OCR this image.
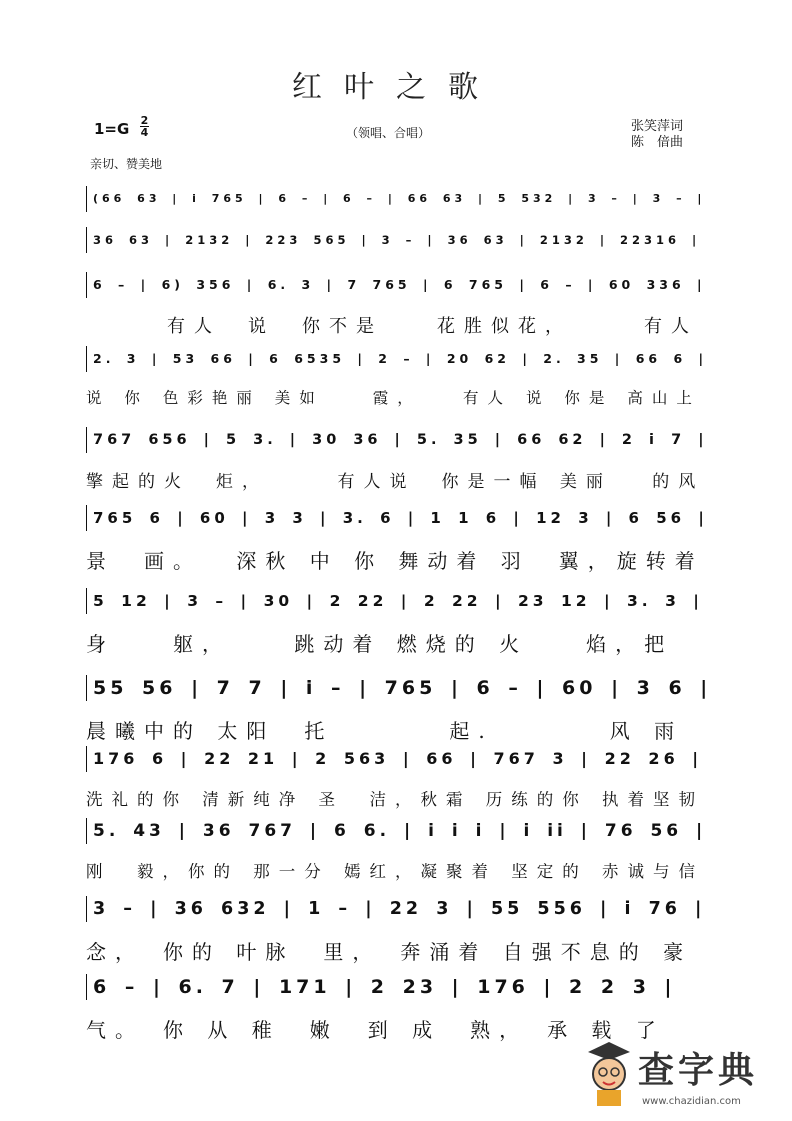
红叶之歌
1=G 2
4	（领唱、合唱）	张笑萍词
陈　偣曲
亲切、赞美地
(66 63 | i 765 | 6 – | 6 – | 66 63 | 5 532 | 3 – | 3 – |
36 63 | 2132 | 223 565 | 3 – | 36 63 | 2132 | 22316 |
6 – | 6) 356 | 6. 3 | 7 765 | 6 765 | 6 – | 60 336 |
　　　有人　说　你不是　　花胜似花，　　　有人
2. 3 | 53 66 | 6 6535 | 2 – | 20 62 | 2. 35 | 66 6 |
说 你 色彩艳丽 美如　　霞，　　有人 说 你是 高山上
767 656 | 5 3. | 30 36 | 5. 35 | 66 62 | 2 i 7 |
擎起的火　炬，　　　有人说　你是一幅 美丽　 的风
765 6 | 60 | 3 3 | 3. 6 | 1 1 6 | 12 3 | 6 56 |
景　画。　 深秋 中 你 舞动着 羽　翼，旋转着
5 12 | 3 – | 30 | 2 22 | 2 22 | 23 12 | 3. 3 |
身　　躯，　　 跳动着 燃烧的 火　　焰，把
55 56 | 7 7 | i – | 765 | 6 – | 60 | 3 6 |
晨曦中的 太阳　托　　　　起.　　　　风 雨
176 6 | 22 21 | 2 563 | 66 | 767 3 | 22 26 |
洗礼的你 清新纯净 圣　洁，秋霜 历练的你 执着坚韧
5. 43 | 36 767 | 6 6. | i i i | i ii | 76 56 |
刚　毅，你的 那一分 嫣红，凝聚着 坚定的 赤诚与信
3 – | 36 632 | 1 – | 22 3 | 55 556 | i 76 |
念，　你的 叶脉　里，　奔涌着 自强不息的 豪
6 – | 6. 7 | 171 | 2 23 | 176 | 2 2 3 |
气。　你 从 稚　嫩　到 成　熟，　承 载 了
查字典
www.chazidian.com
